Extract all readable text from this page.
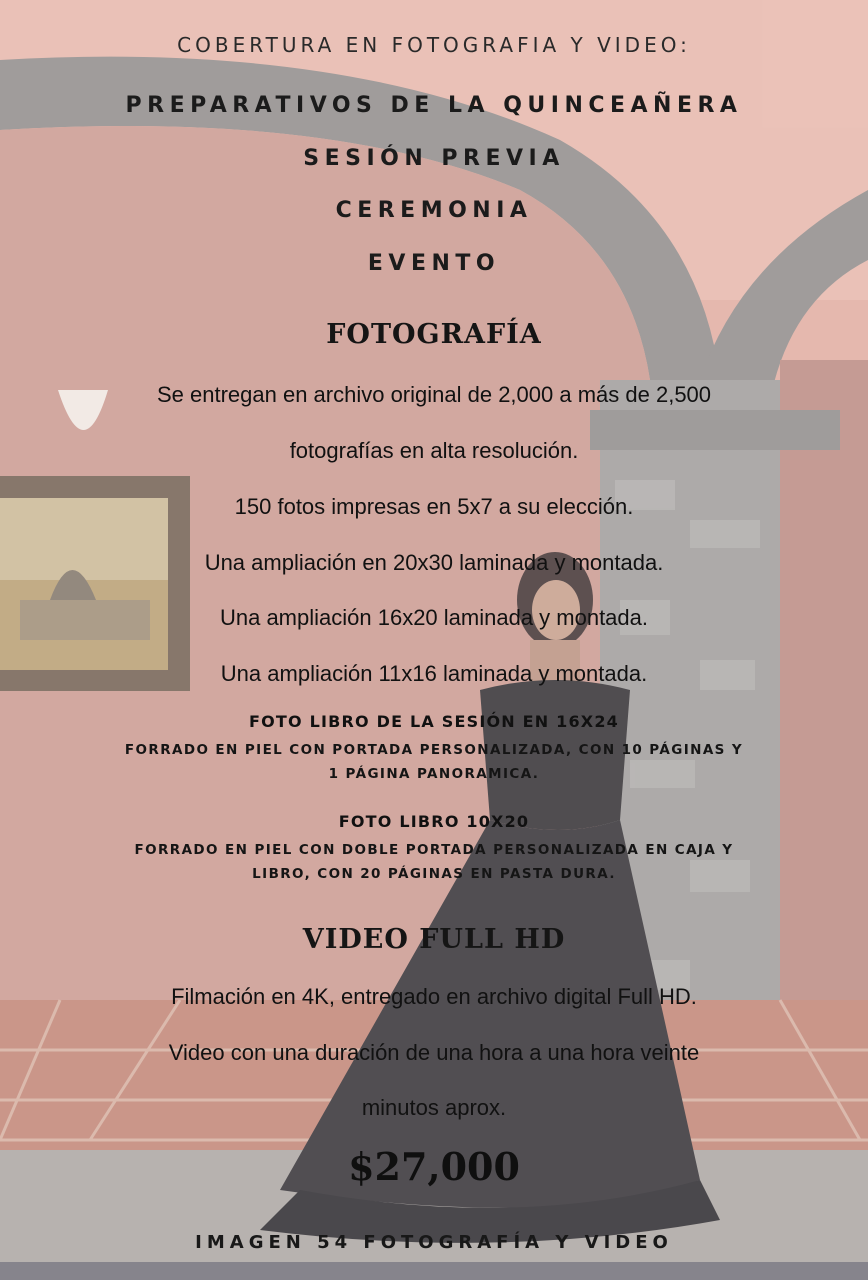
COBERTURA EN FOTOGRAFIA Y VIDEO:
PREPARATIVOS DE LA QUINCEAÑERA
SESIÓN PREVIA
CEREMONIA
EVENTO
FOTOGRAFÍA
Se entregan en archivo original de 2,000 a más de 2,500
fotografías en alta resolución.
150 fotos impresas en 5x7 a su elección.
Una ampliación en 20x30 laminada y montada.
Una ampliación 16x20 laminada y montada.
Una ampliación 11x16 laminada y montada.
FOTO LIBRO DE LA SESIÓN EN 16X24
FORRADO EN PIEL CON PORTADA PERSONALIZADA, CON 10 PÁGINAS Y
1 PÁGINA PANORAMICA.
FOTO LIBRO 10X20
FORRADO EN PIEL CON DOBLE PORTADA PERSONALIZADA EN CAJA Y
LIBRO, CON 20 PÁGINAS EN PASTA DURA.
VIDEO FULL HD
Filmación en 4K, entregado en archivo digital Full HD.
Video con una duración de una hora a una hora veinte
minutos aprox.
$27,000
IMAGEN 54 FOTOGRAFÍA Y VIDEO
